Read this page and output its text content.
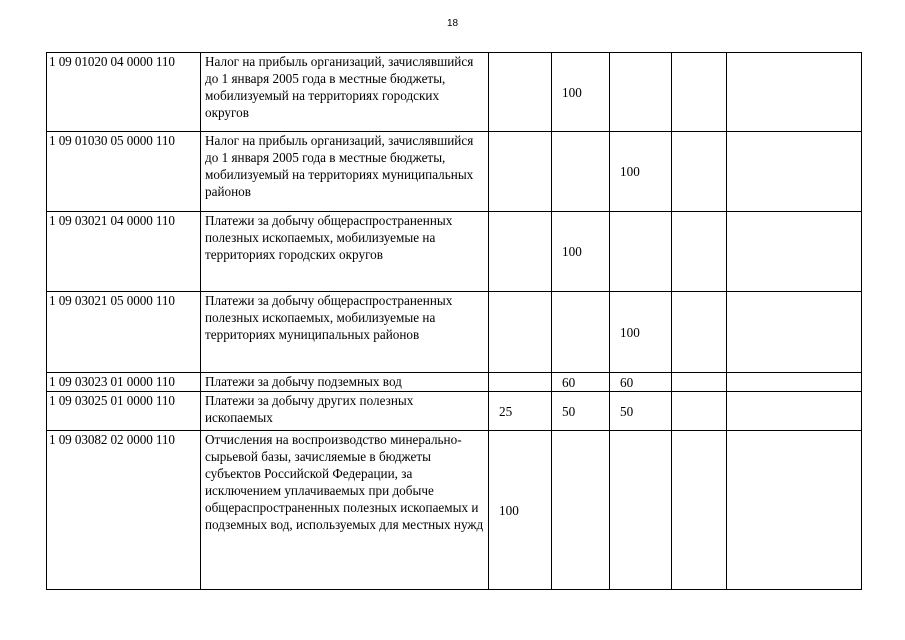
18
1 09 01020 04 0000 110	Налог на прибыль организаций, зачислявшийся до 1 января 2005 года в местные бюджеты, мобилизуемый на территориях городских округов		100			
1 09 01030 05 0000 110	Налог на прибыль организаций, зачислявшийся до 1 января 2005 года в местные бюджеты, мобилизуемый на территориях муниципальных районов			100		
1 09 03021 04 0000 110	Платежи за добычу общераспространенных полезных ископаемых, мобилизуемые на территориях городских округов		100			
1 09 03021 05 0000 110	Платежи за добычу общераспространенных полезных ископаемых, мобилизуемые на территориях муниципальных районов			100		
1 09 03023 01 0000 110	Платежи за добычу подземных вод		60	60		
1 09 03025 01 0000 110	Платежи за добычу других полезных ископаемых	25	50	50		
1 09 03082 02 0000 110	Отчисления на воспроизводство минерально-сырьевой базы, зачисляемые в бюджеты субъектов Российской Федерации, за исключением уплачиваемых при добыче общераспространенных полезных ископаемых и подземных вод, используемых для местных нужд	100				
